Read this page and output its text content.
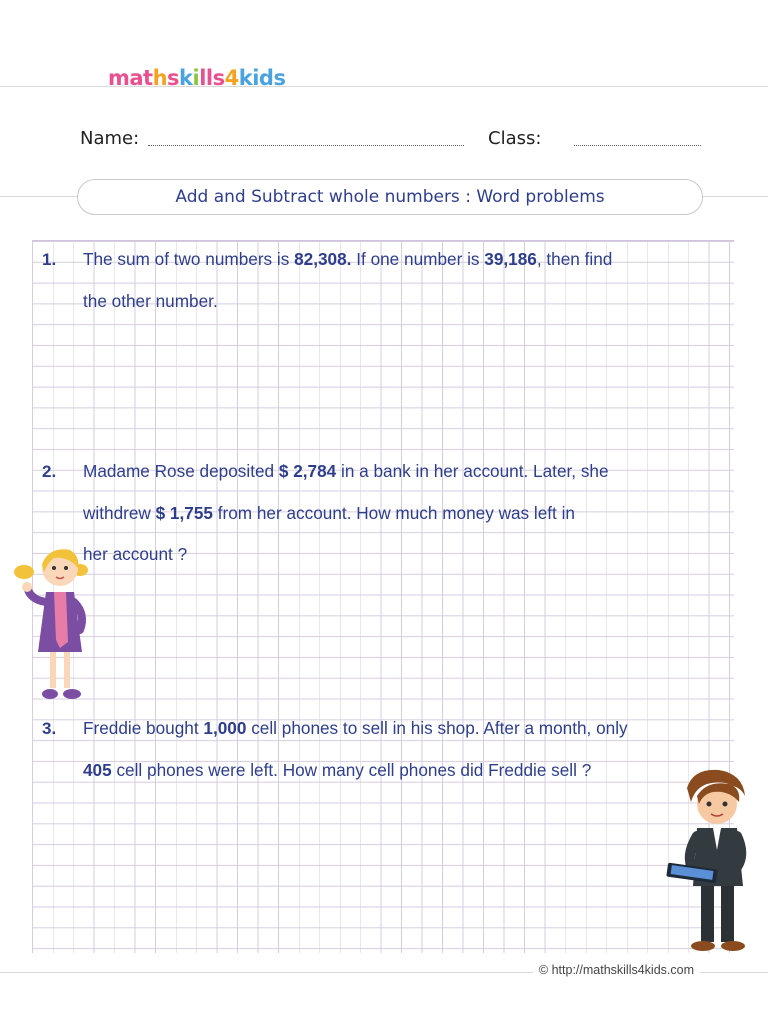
mathskills4kids
Name:	Class:
Add and Subtract whole numbers : Word problems
1. The sum of two numbers is 82,308. If one number is 39,186, then find
the other number.
2. Madame Rose deposited $ 2,784 in a bank in her account. Later, she
withdrew $ 1,755 from her account. How much money was left in
her account ?
3. Freddie bought 1,000 cell phones to sell in his shop. After a month, only
405 cell phones were left. How many cell phones did Freddie sell ?
© http://mathskills4kids.com
